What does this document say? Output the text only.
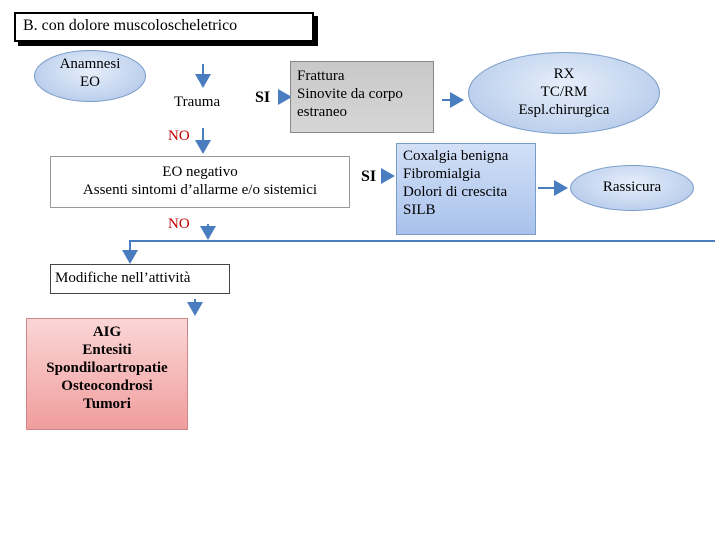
B. con dolore muscoloscheletrico
Anamnesi
EO
Trauma SI
Frattura
Sinovite da corpo
estraneo
RX
TC/RM
Espl.chirurgica
NO
EO negativo
Assenti sintomi d’allarme e/o sistemici
SI
Coxalgia benigna
Fibromialgia
Dolori di crescita
SILB
Rassicura
NO
Modifiche nell’attività
AIG
Entesiti
Spondiloartropatie
Osteocondrosi
Tumori
